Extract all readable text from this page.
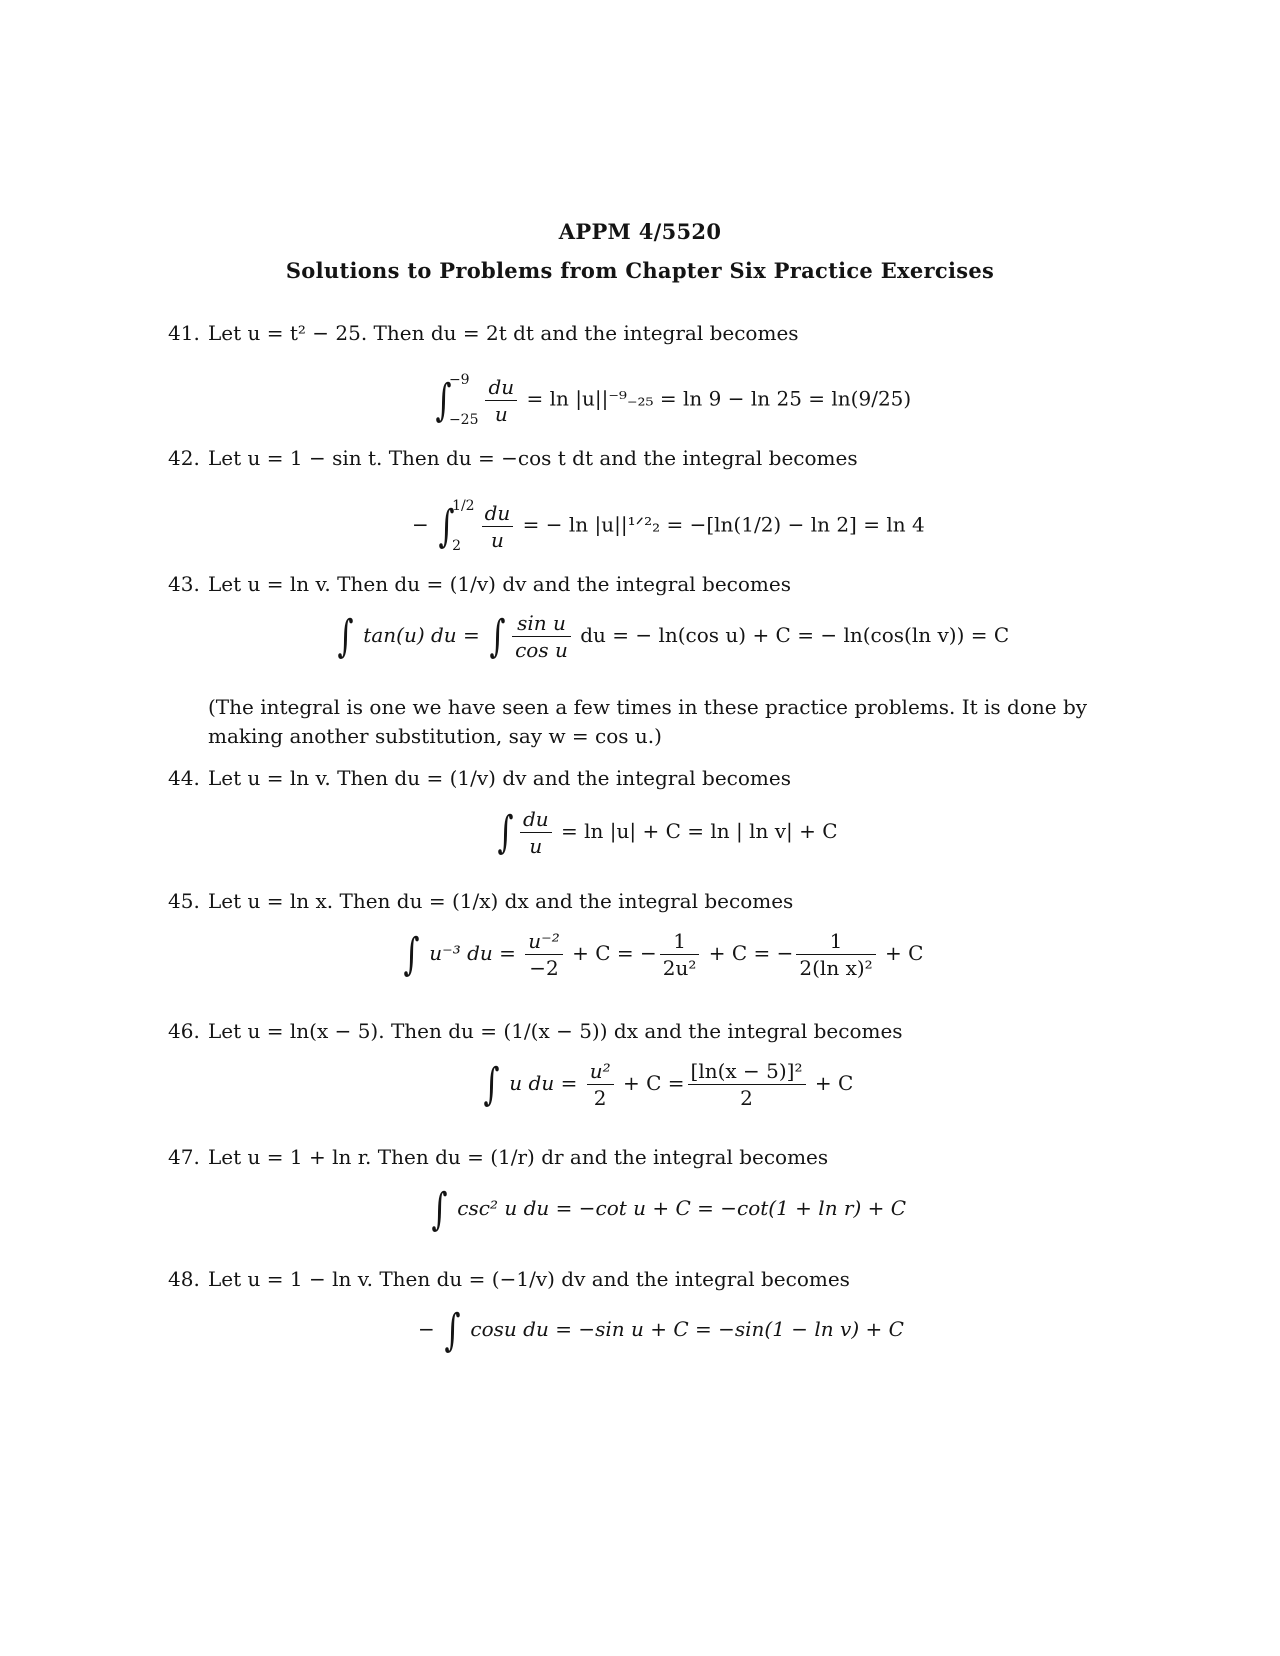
APPM 4/5520
Solutions to Problems from Chapter Six Practice Exercises
41. Let u = t² − 25. Then du = 2t dt and the integral becomes
∫
−9
$-25 \frac{du}{u} = \ln |u||^{-9}_{-25} = \ln 9 - \ln 25 = \ln(9/25)$
42. Let u = 1 − sin t. Then du = −cos t dt and the integral becomes
− ∫
1/2
2	$\frac{du}{u}$ = − ln |u||¹ᐟ²₂ = −[ln(1/2) − ln 2] = ln 4
43. Let u = ln v. Then du = (1/v) dv and the integral becomes
∫ tan(u) du = ∫ $\frac{\text{sin u}}{\text{cos u}}$ du = − ln(cos u) + C = − ln(cos(ln v)) = C
(The integral is one we have seen a few times in these practice problems. It is done by making another substitution, say w = cos u.)
44. Let u = ln v. Then du = (1/v) dv and the integral becomes
∫ $\frac{du}{u} = \ln |u| + C = \ln$ | ln v| + C
45. Let u = ln x. Then du = (1/x) dx and the integral becomes
∫ u⁻³ du = $\frac{\text{u⁻²}}{-2} + C$ = − $\frac{1}{\text{2u²}} + C$ = − $\frac{1}{\text{2(ln x)²}} + C$
46. Let u = ln(x − 5). Then du = (1/(x − 5)) dx and the integral becomes
∫ u du = $\frac{\text{u²}}{2} + C = \frac{\text{[ln(x − 5)]²}}{2} + C$
47. Let u = 1 + ln r. Then du = (1/r) dr and the integral becomes
∫ csc² u du = −cot u + C = −cot(1 + ln r) + C
48. Let u = 1 − ln v. Then du = (−1/v) dv and the integral becomes
− ∫ cosu du = −sin u + C = −sin(1 − ln v) + C
